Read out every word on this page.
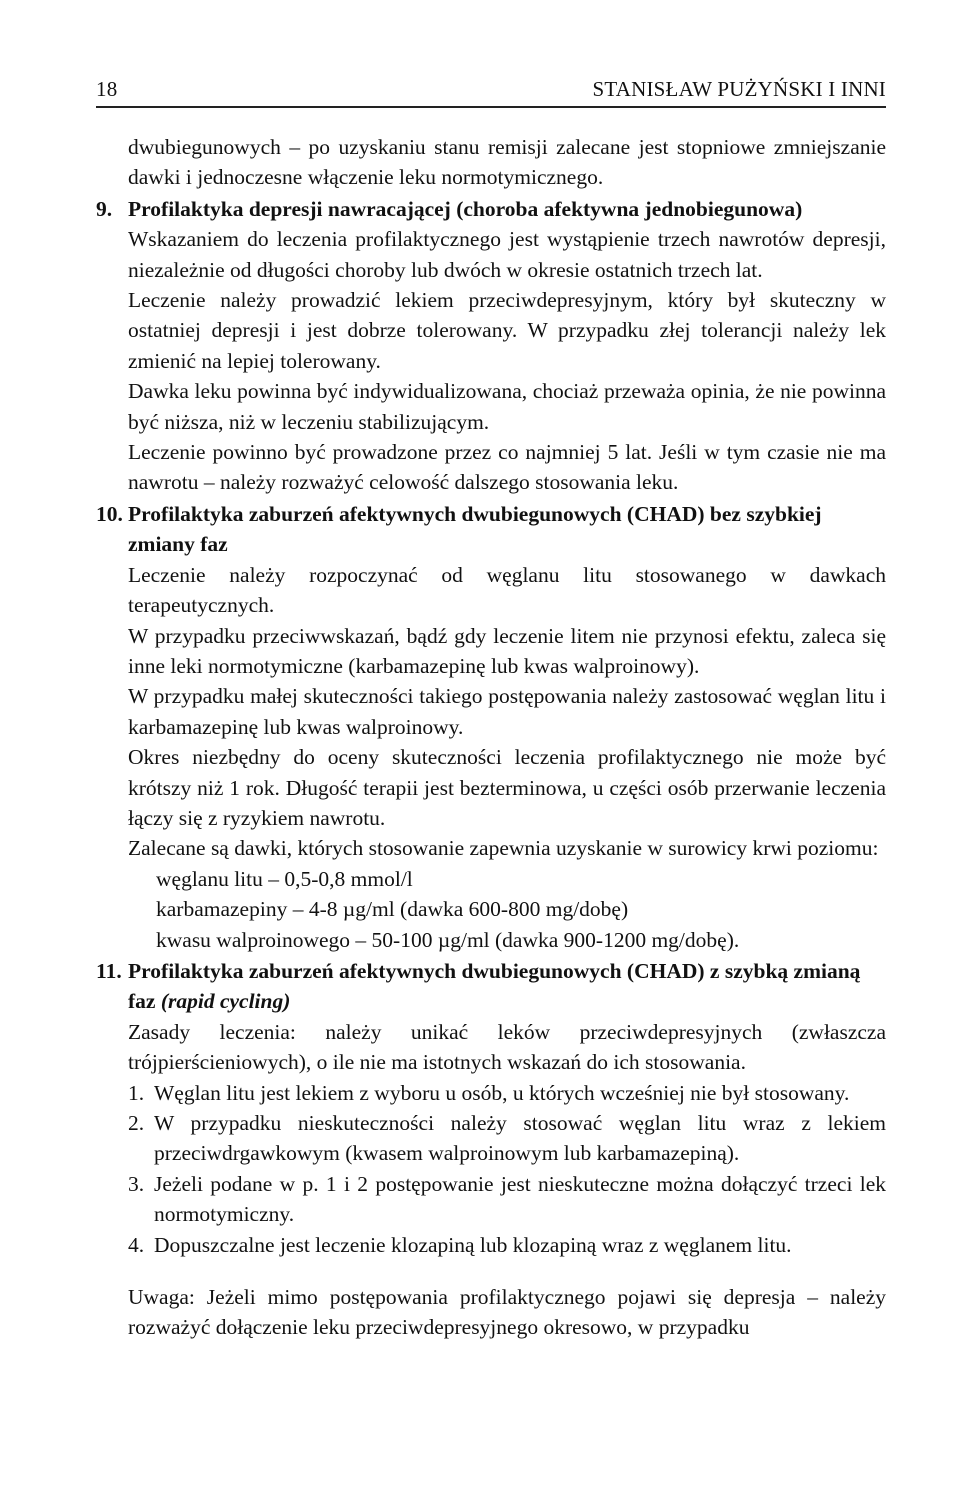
18	STANISŁAW PUŻYŃSKI I INNI

dwubiegunowych – po uzyskaniu stanu remisji zalecane jest stopniowe zmniejszanie dawki i jednoczesne włączenie leku normotymicznego.

9. Profilaktyka depresji nawracającej (choroba afektywna jednobiegunowa)

Wskazaniem do leczenia profilaktycznego jest wystąpienie trzech nawrotów depresji, niezależnie od długości choroby lub dwóch w okresie ostatnich trzech lat.

Leczenie należy prowadzić lekiem przeciwdepresyjnym, który był skuteczny w ostatniej depresji i jest dobrze tolerowany. W przypadku złej tolerancji należy lek zmienić na lepiej tolerowany.

Dawka leku powinna być indywidualizowana, chociaż przeważa opinia, że nie powinna być niższa, niż w leczeniu stabilizującym.

Leczenie powinno być prowadzone przez co najmniej 5 lat. Jeśli w tym czasie nie ma nawrotu – należy rozważyć celowość dalszego stosowania leku.

10. Profilaktyka zaburzeń afektywnych dwubiegunowych (CHAD) bez szybkiej zmiany faz

Leczenie należy rozpoczynać od węglanu litu stosowanego w dawkach terapeutycznych.

W przypadku przeciwwskazań, bądź gdy leczenie litem nie przynosi efektu, zaleca się inne leki normotymiczne (karbamazepinę lub kwas walproinowy).

W przypadku małej skuteczności takiego postępowania należy zastosować węglan litu i karbamazepinę lub kwas walproinowy.

Okres niezbędny do oceny skuteczności leczenia profilaktycznego nie może być krótszy niż 1 rok. Długość terapii jest bezterminowa, u części osób przerwanie leczenia łączy się z ryzykiem nawrotu.

Zalecane są dawki, których stosowanie zapewnia uzyskanie w surowicy krwi poziomu:

węglanu litu – 0,5-0,8 mmol/l

karbamazepiny – 4-8 µg/ml (dawka 600-800 mg/dobę)

kwasu walproinowego – 50-100 µg/ml (dawka 900-1200 mg/dobę).

11. Profilaktyka zaburzeń afektywnych dwubiegunowych (CHAD) z szybką zmianą faz (rapid cycling)

Zasady leczenia: należy unikać leków przeciwdepresyjnych (zwłaszcza trójpierścieniowych), o ile nie ma istotnych wskazań do ich stosowania.

1. Węglan litu jest lekiem z wyboru u osób, u których wcześniej nie był stosowany.
2. W przypadku nieskuteczności należy stosować węglan litu wraz z lekiem przeciwdrgawkowym (kwasem walproinowym lub karbamazepiną).
3. Jeżeli podane w p. 1 i 2 postępowanie jest nieskuteczne można dołączyć trzeci lek normotymiczny.
4. Dopuszczalne jest leczenie klozapiną lub klozapiną wraz z węglanem litu.

Uwaga: Jeżeli mimo postępowania profilaktycznego pojawi się depresja – należy rozważyć dołączenie leku przeciwdepresyjnego okresowo, w przypadku
